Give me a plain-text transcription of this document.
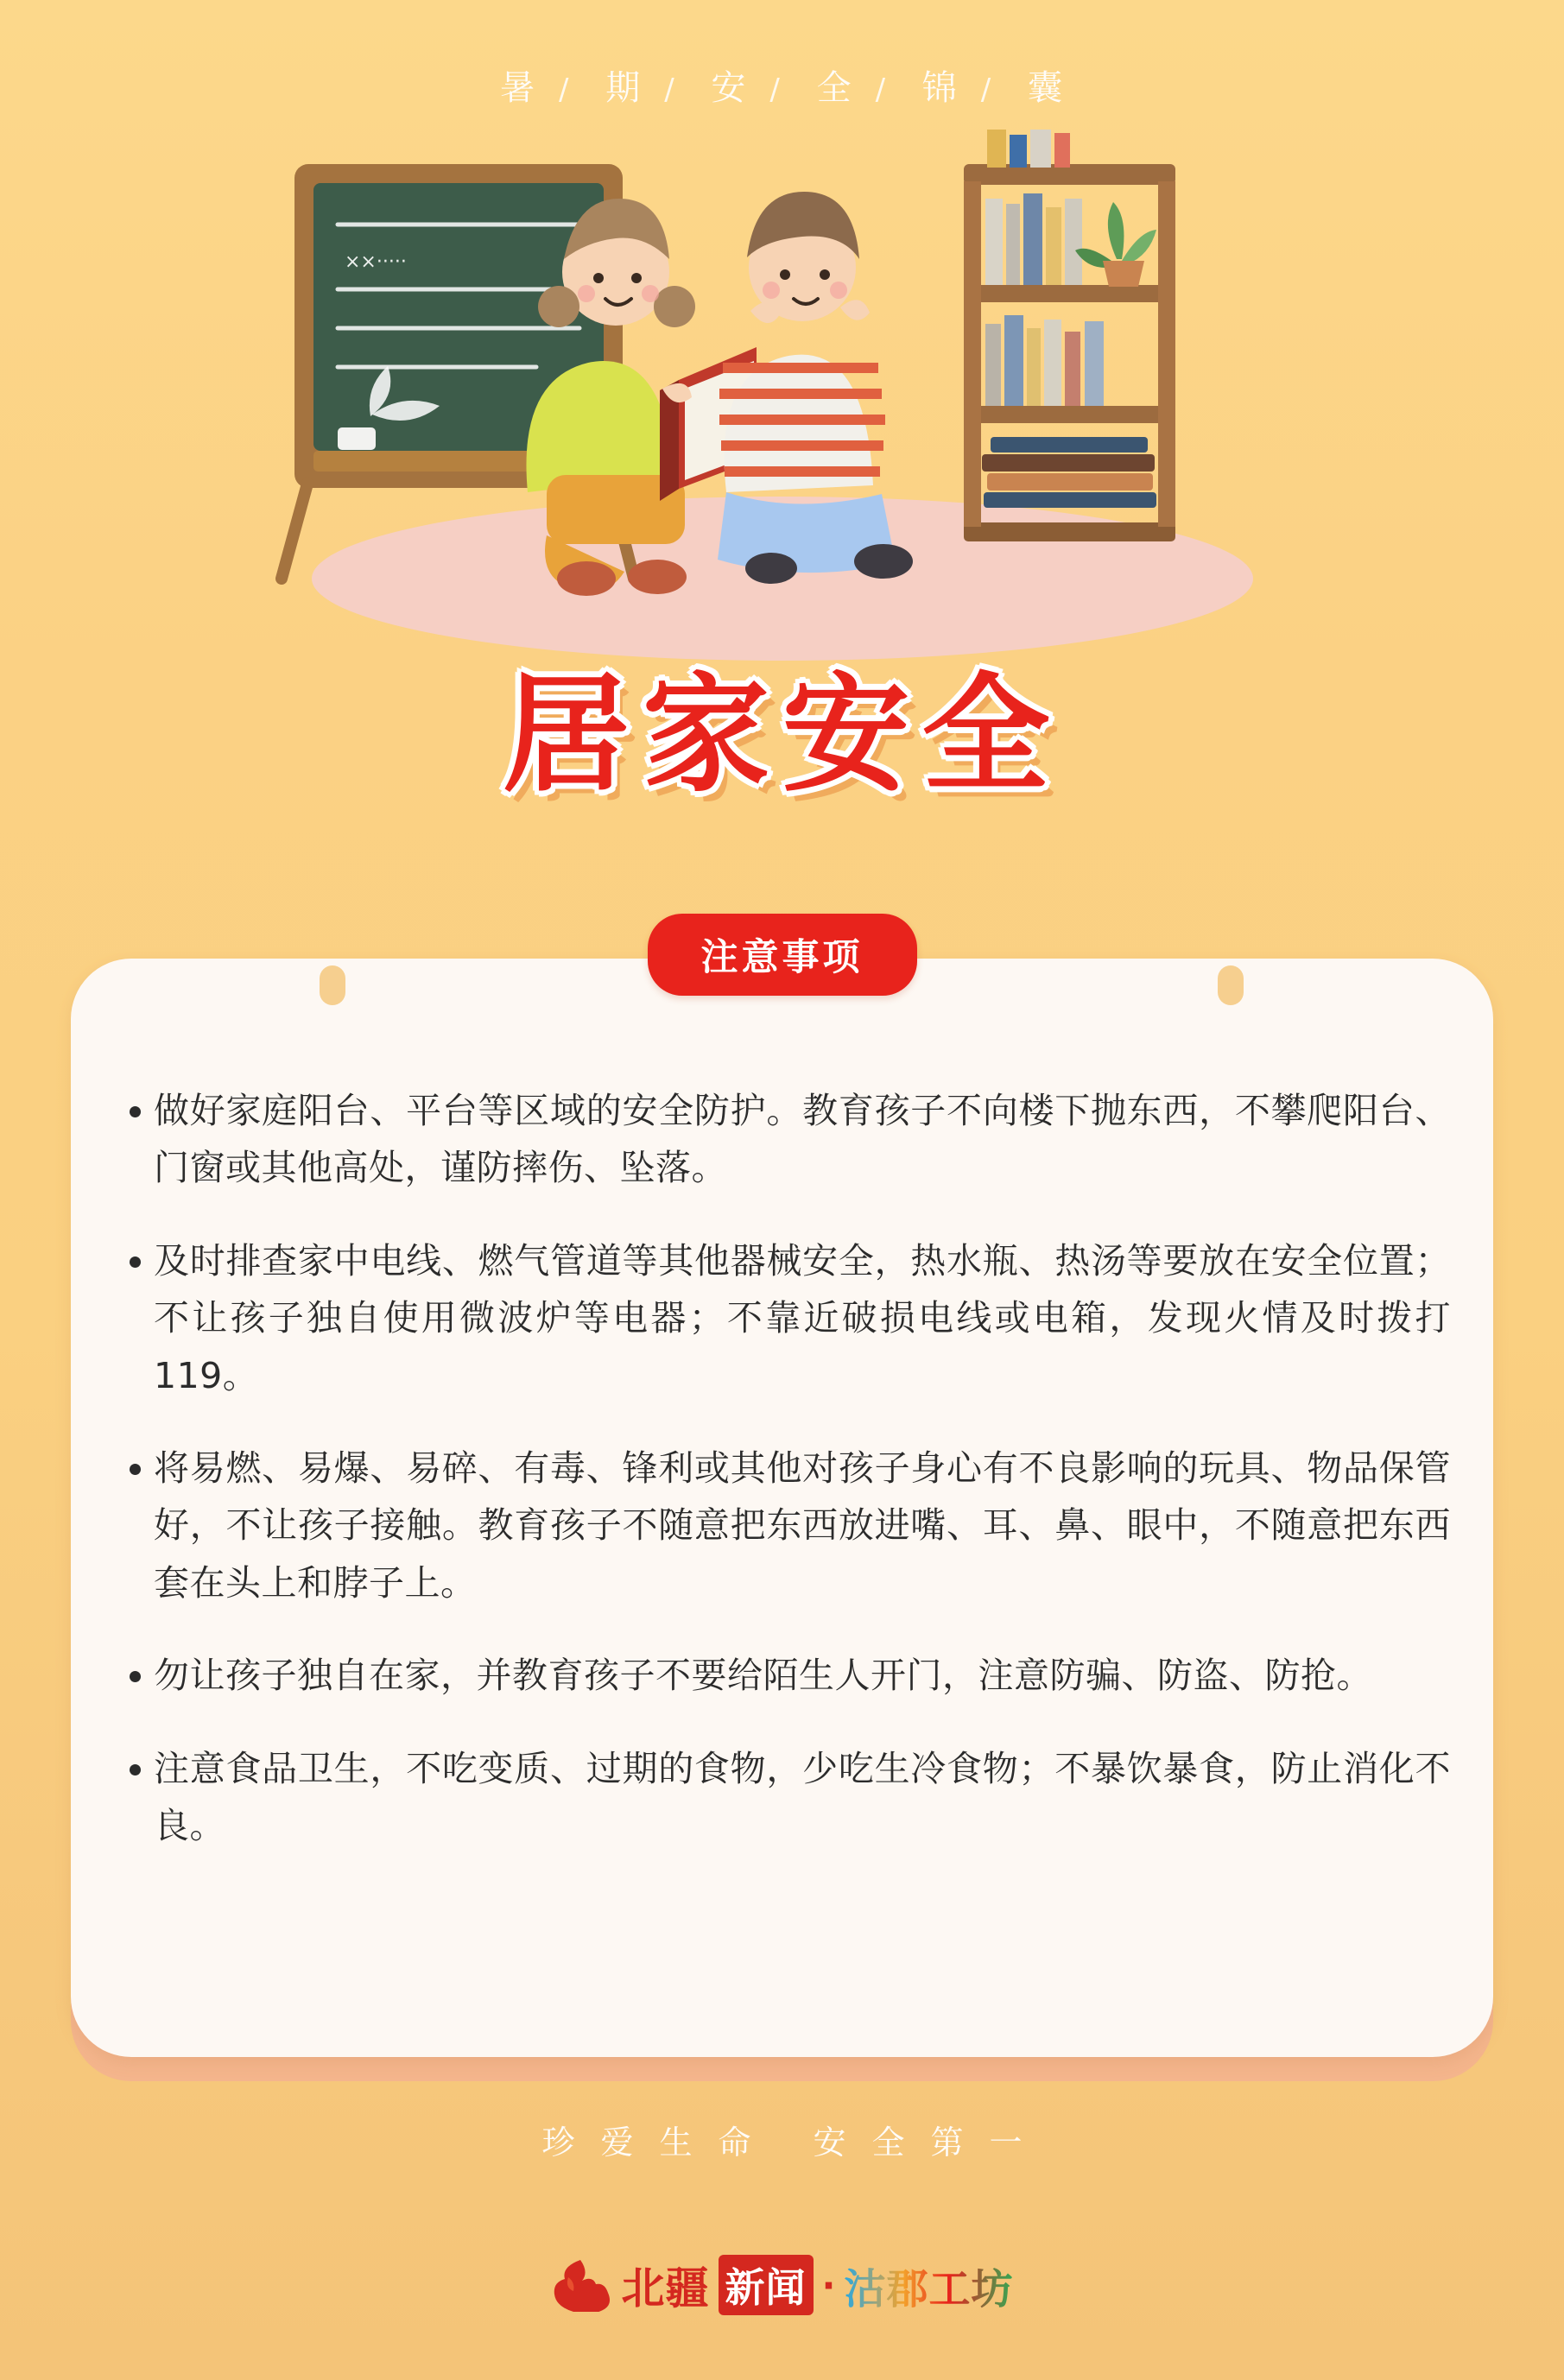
暑 / 期 / 安 / 全 / 锦 / 囊
××·····
居家安全
注意事项

做好家庭阳台、平台等区域的安全防护。教育孩子不向楼下抛东西，不攀爬阳台、门窗或其他高处，谨防摔伤、坠落。

及时排查家中电线、燃气管道等其他器械安全，热水瓶、热汤等要放在安全位置；不让孩子独自使用微波炉等电器；不靠近破损电线或电箱，发现火情及时拨打119。

将易燃、易爆、易碎、有毒、锋利或其他对孩子身心有不良影响的玩具、物品保管好，不让孩子接触。教育孩子不随意把东西放进嘴、耳、鼻、眼中，不随意把东西套在头上和脖子上。

勿让孩子独自在家，并教育孩子不要给陌生人开门，注意防骗、防盗、防抢。

注意食品卫生，不吃变质、过期的食物，少吃生冷食物；不暴饮暴食，防止消化不良。

珍爱生命 安全第一
北疆 新闻 · 沽郡工坊
